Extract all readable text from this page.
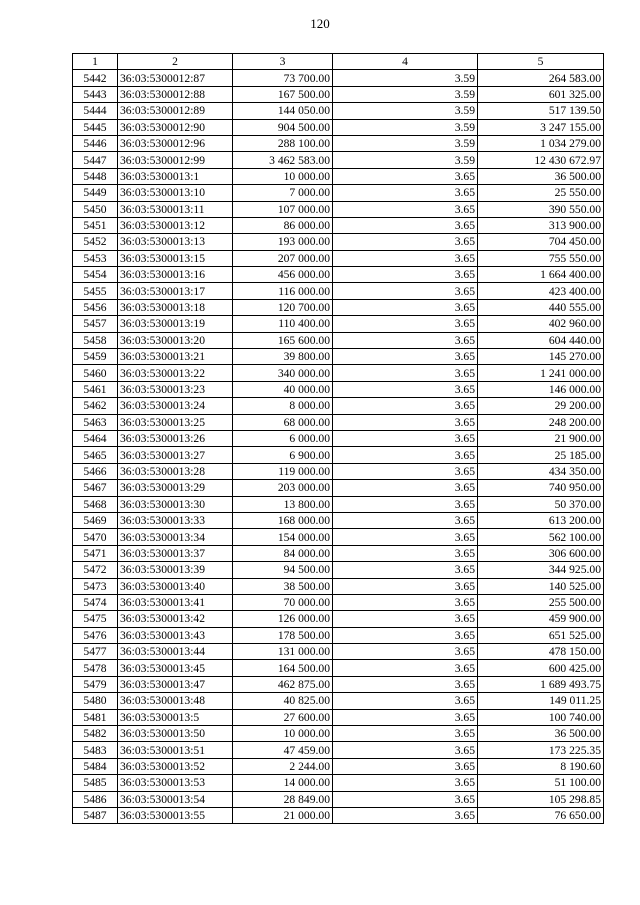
120
1	2	3	4	5
5442	36:03:5300012:87	73 700.00	3.59	264 583.00
5443	36:03:5300012:88	167 500.00	3.59	601 325.00
5444	36:03:5300012:89	144 050.00	3.59	517 139.50
5445	36:03:5300012:90	904 500.00	3.59	3 247 155.00
5446	36:03:5300012:96	288 100.00	3.59	1 034 279.00
5447	36:03:5300012:99	3 462 583.00	3.59	12 430 672.97
5448	36:03:5300013:1	10 000.00	3.65	36 500.00
5449	36:03:5300013:10	7 000.00	3.65	25 550.00
5450	36:03:5300013:11	107 000.00	3.65	390 550.00
5451	36:03:5300013:12	86 000.00	3.65	313 900.00
5452	36:03:5300013:13	193 000.00	3.65	704 450.00
5453	36:03:5300013:15	207 000.00	3.65	755 550.00
5454	36:03:5300013:16	456 000.00	3.65	1 664 400.00
5455	36:03:5300013:17	116 000.00	3.65	423 400.00
5456	36:03:5300013:18	120 700.00	3.65	440 555.00
5457	36:03:5300013:19	110 400.00	3.65	402 960.00
5458	36:03:5300013:20	165 600.00	3.65	604 440.00
5459	36:03:5300013:21	39 800.00	3.65	145 270.00
5460	36:03:5300013:22	340 000.00	3.65	1 241 000.00
5461	36:03:5300013:23	40 000.00	3.65	146 000.00
5462	36:03:5300013:24	8 000.00	3.65	29 200.00
5463	36:03:5300013:25	68 000.00	3.65	248 200.00
5464	36:03:5300013:26	6 000.00	3.65	21 900.00
5465	36:03:5300013:27	6 900.00	3.65	25 185.00
5466	36:03:5300013:28	119 000.00	3.65	434 350.00
5467	36:03:5300013:29	203 000.00	3.65	740 950.00
5468	36:03:5300013:30	13 800.00	3.65	50 370.00
5469	36:03:5300013:33	168 000.00	3.65	613 200.00
5470	36:03:5300013:34	154 000.00	3.65	562 100.00
5471	36:03:5300013:37	84 000.00	3.65	306 600.00
5472	36:03:5300013:39	94 500.00	3.65	344 925.00
5473	36:03:5300013:40	38 500.00	3.65	140 525.00
5474	36:03:5300013:41	70 000.00	3.65	255 500.00
5475	36:03:5300013:42	126 000.00	3.65	459 900.00
5476	36:03:5300013:43	178 500.00	3.65	651 525.00
5477	36:03:5300013:44	131 000.00	3.65	478 150.00
5478	36:03:5300013:45	164 500.00	3.65	600 425.00
5479	36:03:5300013:47	462 875.00	3.65	1 689 493.75
5480	36:03:5300013:48	40 825.00	3.65	149 011.25
5481	36:03:5300013:5	27 600.00	3.65	100 740.00
5482	36:03:5300013:50	10 000.00	3.65	36 500.00
5483	36:03:5300013:51	47 459.00	3.65	173 225.35
5484	36:03:5300013:52	2 244.00	3.65	8 190.60
5485	36:03:5300013:53	14 000.00	3.65	51 100.00
5486	36:03:5300013:54	28 849.00	3.65	105 298.85
5487	36:03:5300013:55	21 000.00	3.65	76 650.00
